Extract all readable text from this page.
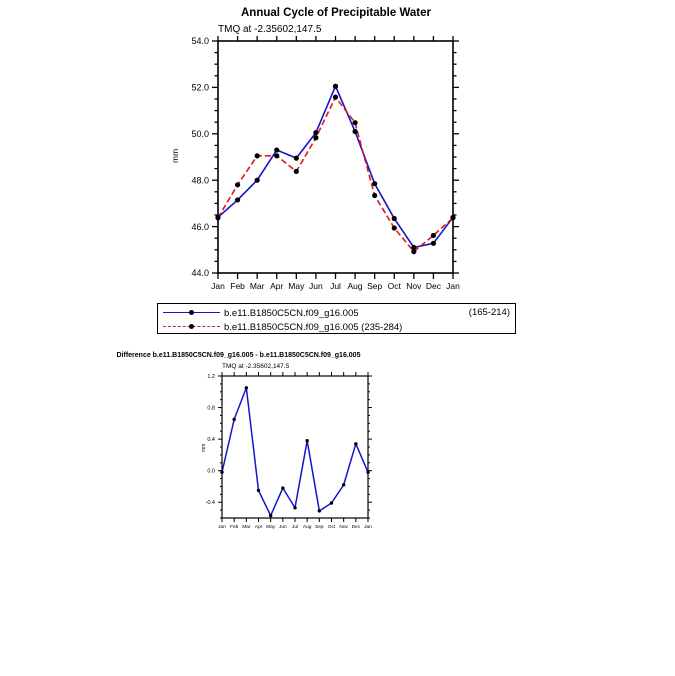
Annual Cycle of Precipitable Water
TMQ at -2.35602,147.5
mm
44.0
46.0
48.0
50.0
52.0
54.0
Jan Feb Mar Apr May Jun Jul Aug Sep Oct Nov Dec Jan
b.e11.B1850C5CN.f09_g16.005	(165-214)
b.e11.B1850C5CN.f09_g16.005 (235-284)
Difference b.e11.B1850C5CN.f09_g16.005 - b.e11.B1850C5CN.f09_g16.005
TMQ at -2.35602,147.5
mm
-0.4
0.0
0.4
0.8
1.2
Jan Feb Mar Apr May Jun Jul Aug Sep Oct Nov Dec Jan
